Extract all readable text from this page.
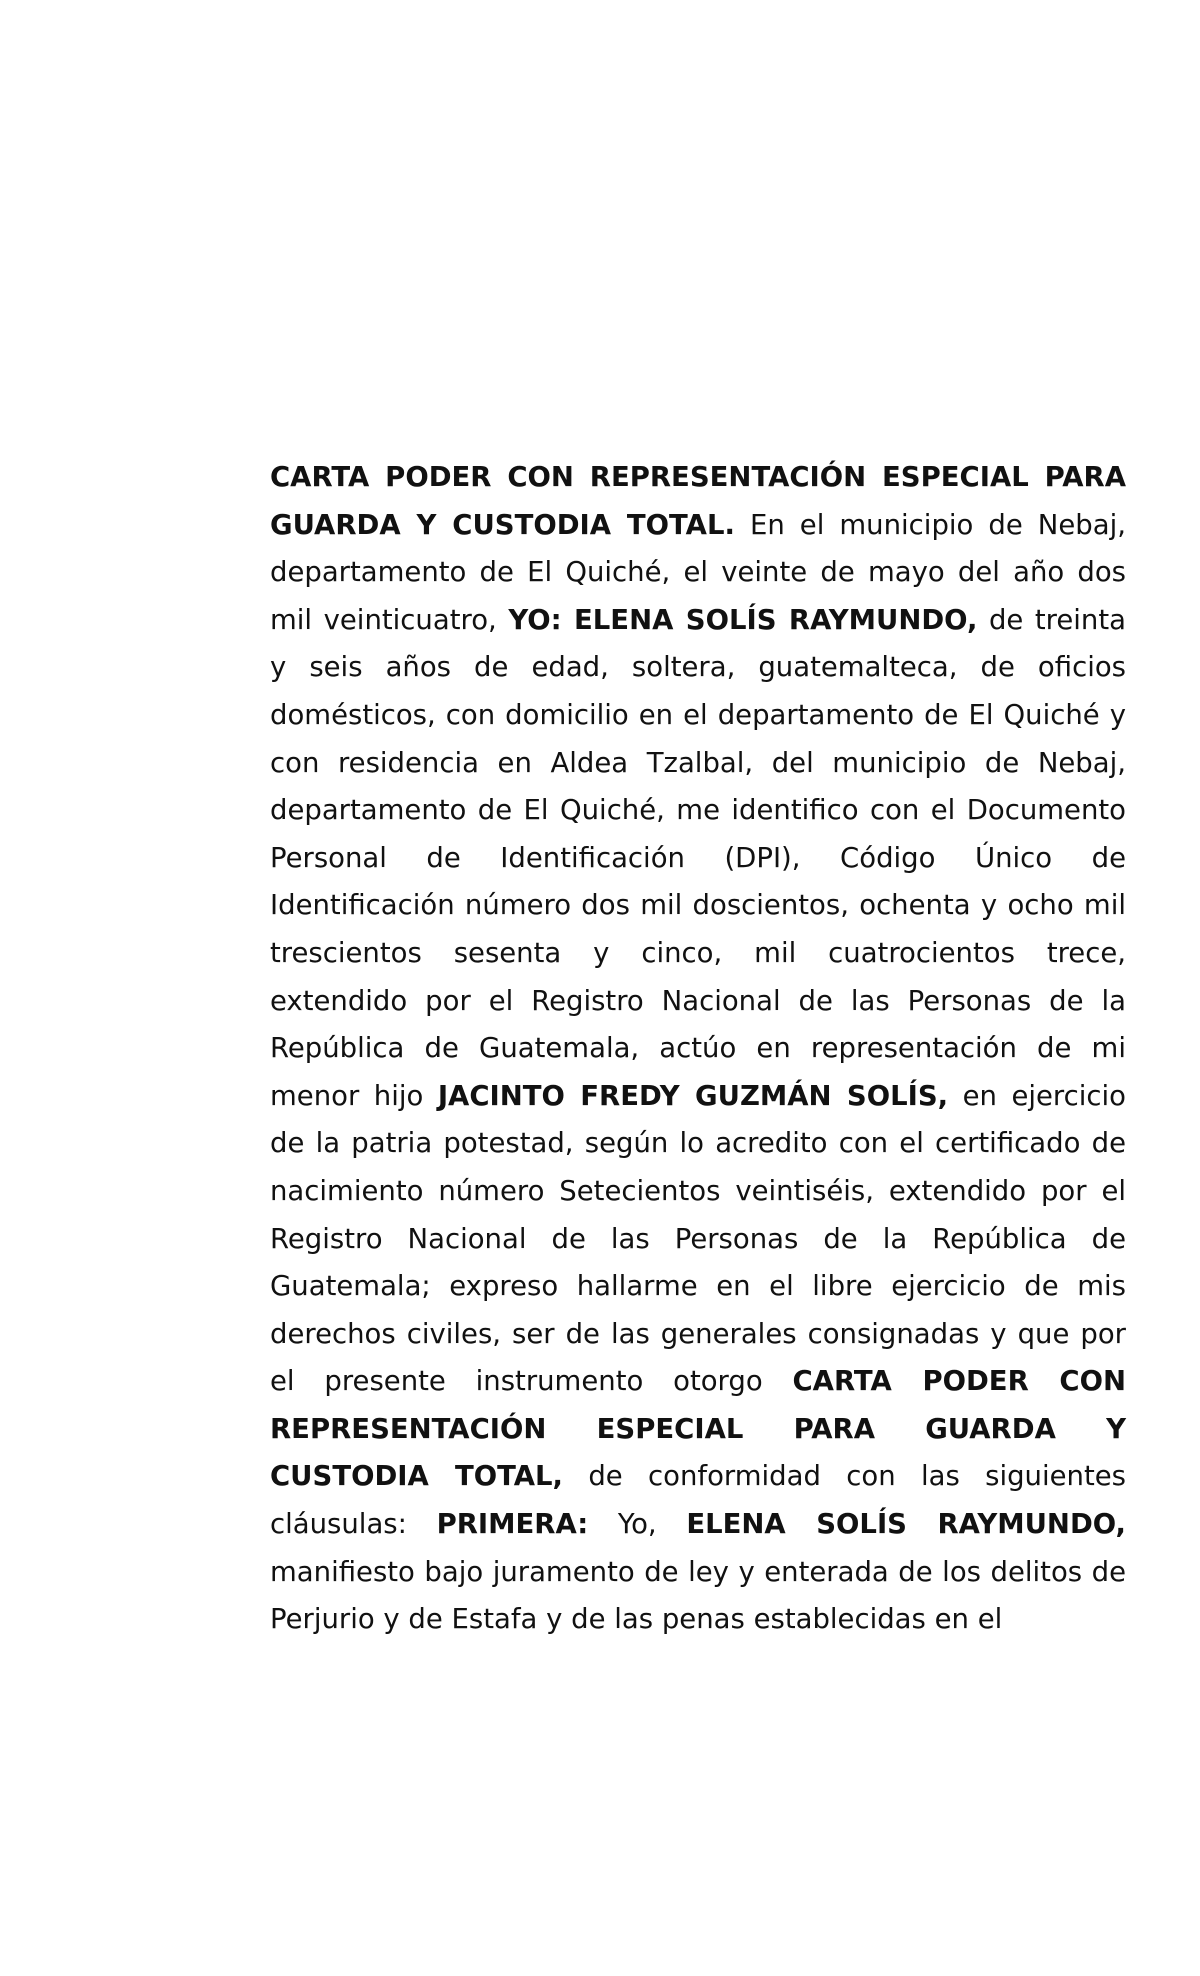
CARTA PODER CON REPRESENTACIÓN ESPECIAL PARA GUARDA Y CUSTODIA TOTAL. En el municipio de Nebaj, departamento de El Quiché, el veinte de mayo del año dos mil veinticuatro, YO: ELENA SOLÍS RAYMUNDO, de treinta y seis años de edad, soltera, guatemalteca, de oficios domésticos, con domicilio en el departamento de El Quiché y con residencia en Aldea Tzalbal, del municipio de Nebaj, departamento de El Quiché, me identifico con el Documento Personal de Identificación (DPI), Código Único de Identificación número dos mil doscientos, ochenta y ocho mil trescientos sesenta y cinco, mil cuatrocientos trece, extendido por el Registro Nacional de las Personas de la República de Guatemala, actúo en representación de mi menor hijo JACINTO FREDY GUZMÁN SOLÍS, en ejercicio de la patria potestad, según lo acredito con el certificado de nacimiento número Setecientos veintiséis, extendido por el Registro Nacional de las Personas de la República de Guatemala; expreso hallarme en el libre ejercicio de mis derechos civiles, ser de las generales consignadas y que por el presente instrumento otorgo CARTA PODER CON REPRESENTACIÓN ESPECIAL PARA GUARDA Y CUSTODIA TOTAL, de conformidad con las siguientes cláusulas: PRIMERA: Yo, ELENA SOLÍS RAYMUNDO, manifiesto bajo juramento de ley y enterada de los delitos de Perjurio y de Estafa y de las penas establecidas en el
